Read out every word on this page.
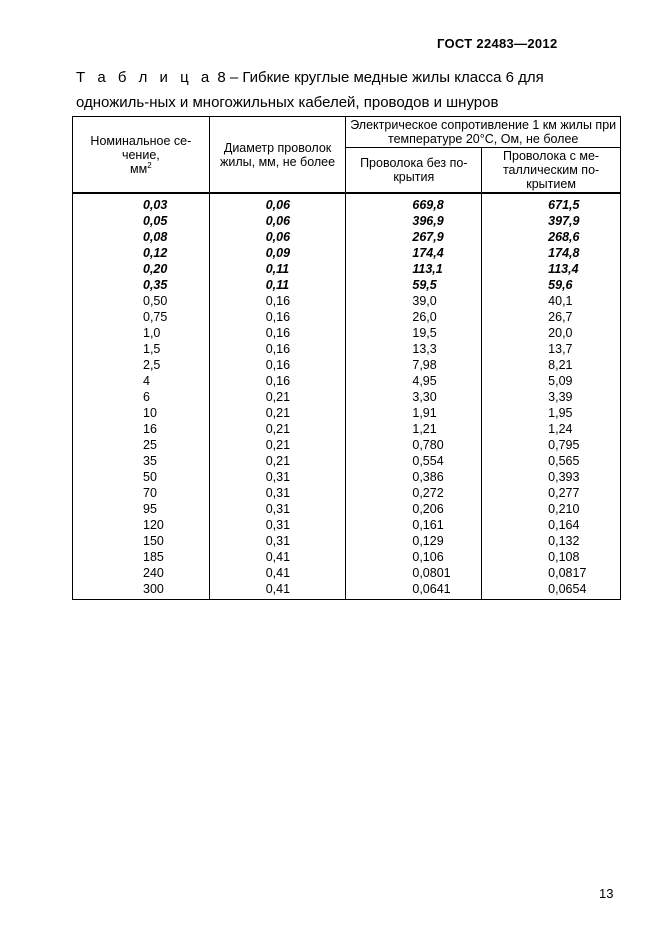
ГОСТ 22483—2012
Т а б л и ц а 8 – Гибкие круглые медные жилы класса 6 для одножиль-ных и многожильных кабелей, проводов и шнуров
Номинальное се-
чение,
$мм^2$	Диаметр проволок жилы, мм, не более	Электрическое сопротивление 1 км жилы при температуре 20°С, Ом, не более	
		Проволока без по-крытия	Проволока с ме-таллическим по-крытием
0,03	0,06	669,8	671,5
0,05	0,06	396,9	397,9
0,08	0,06	267,9	268,6
0,12	0,09	174,4	174,8
0,20	0,11	113,1	113,4
0,35	0,11	59,5	59,6
0,50	0,16	39,0	40,1
0,75	0,16	26,0	26,7
1,0	0,16	19,5	20,0
1,5	0,16	13,3	13,7
2,5	0,16	7,98	8,21
4	0,16	4,95	5,09
6	0,21	3,30	3,39
10	0,21	1,91	1,95
16	0,21	1,21	1,24
25	0,21	0,780	0,795
35	0,21	0,554	0,565
50	0,31	0,386	0,393
70	0,31	0,272	0,277
95	0,31	0,206	0,210
120	0,31	0,161	0,164
150	0,31	0,129	0,132
185	0,41	0,106	0,108
240	0,41	0,0801	0,0817
300	0,41	0,0641	0,0654
13
